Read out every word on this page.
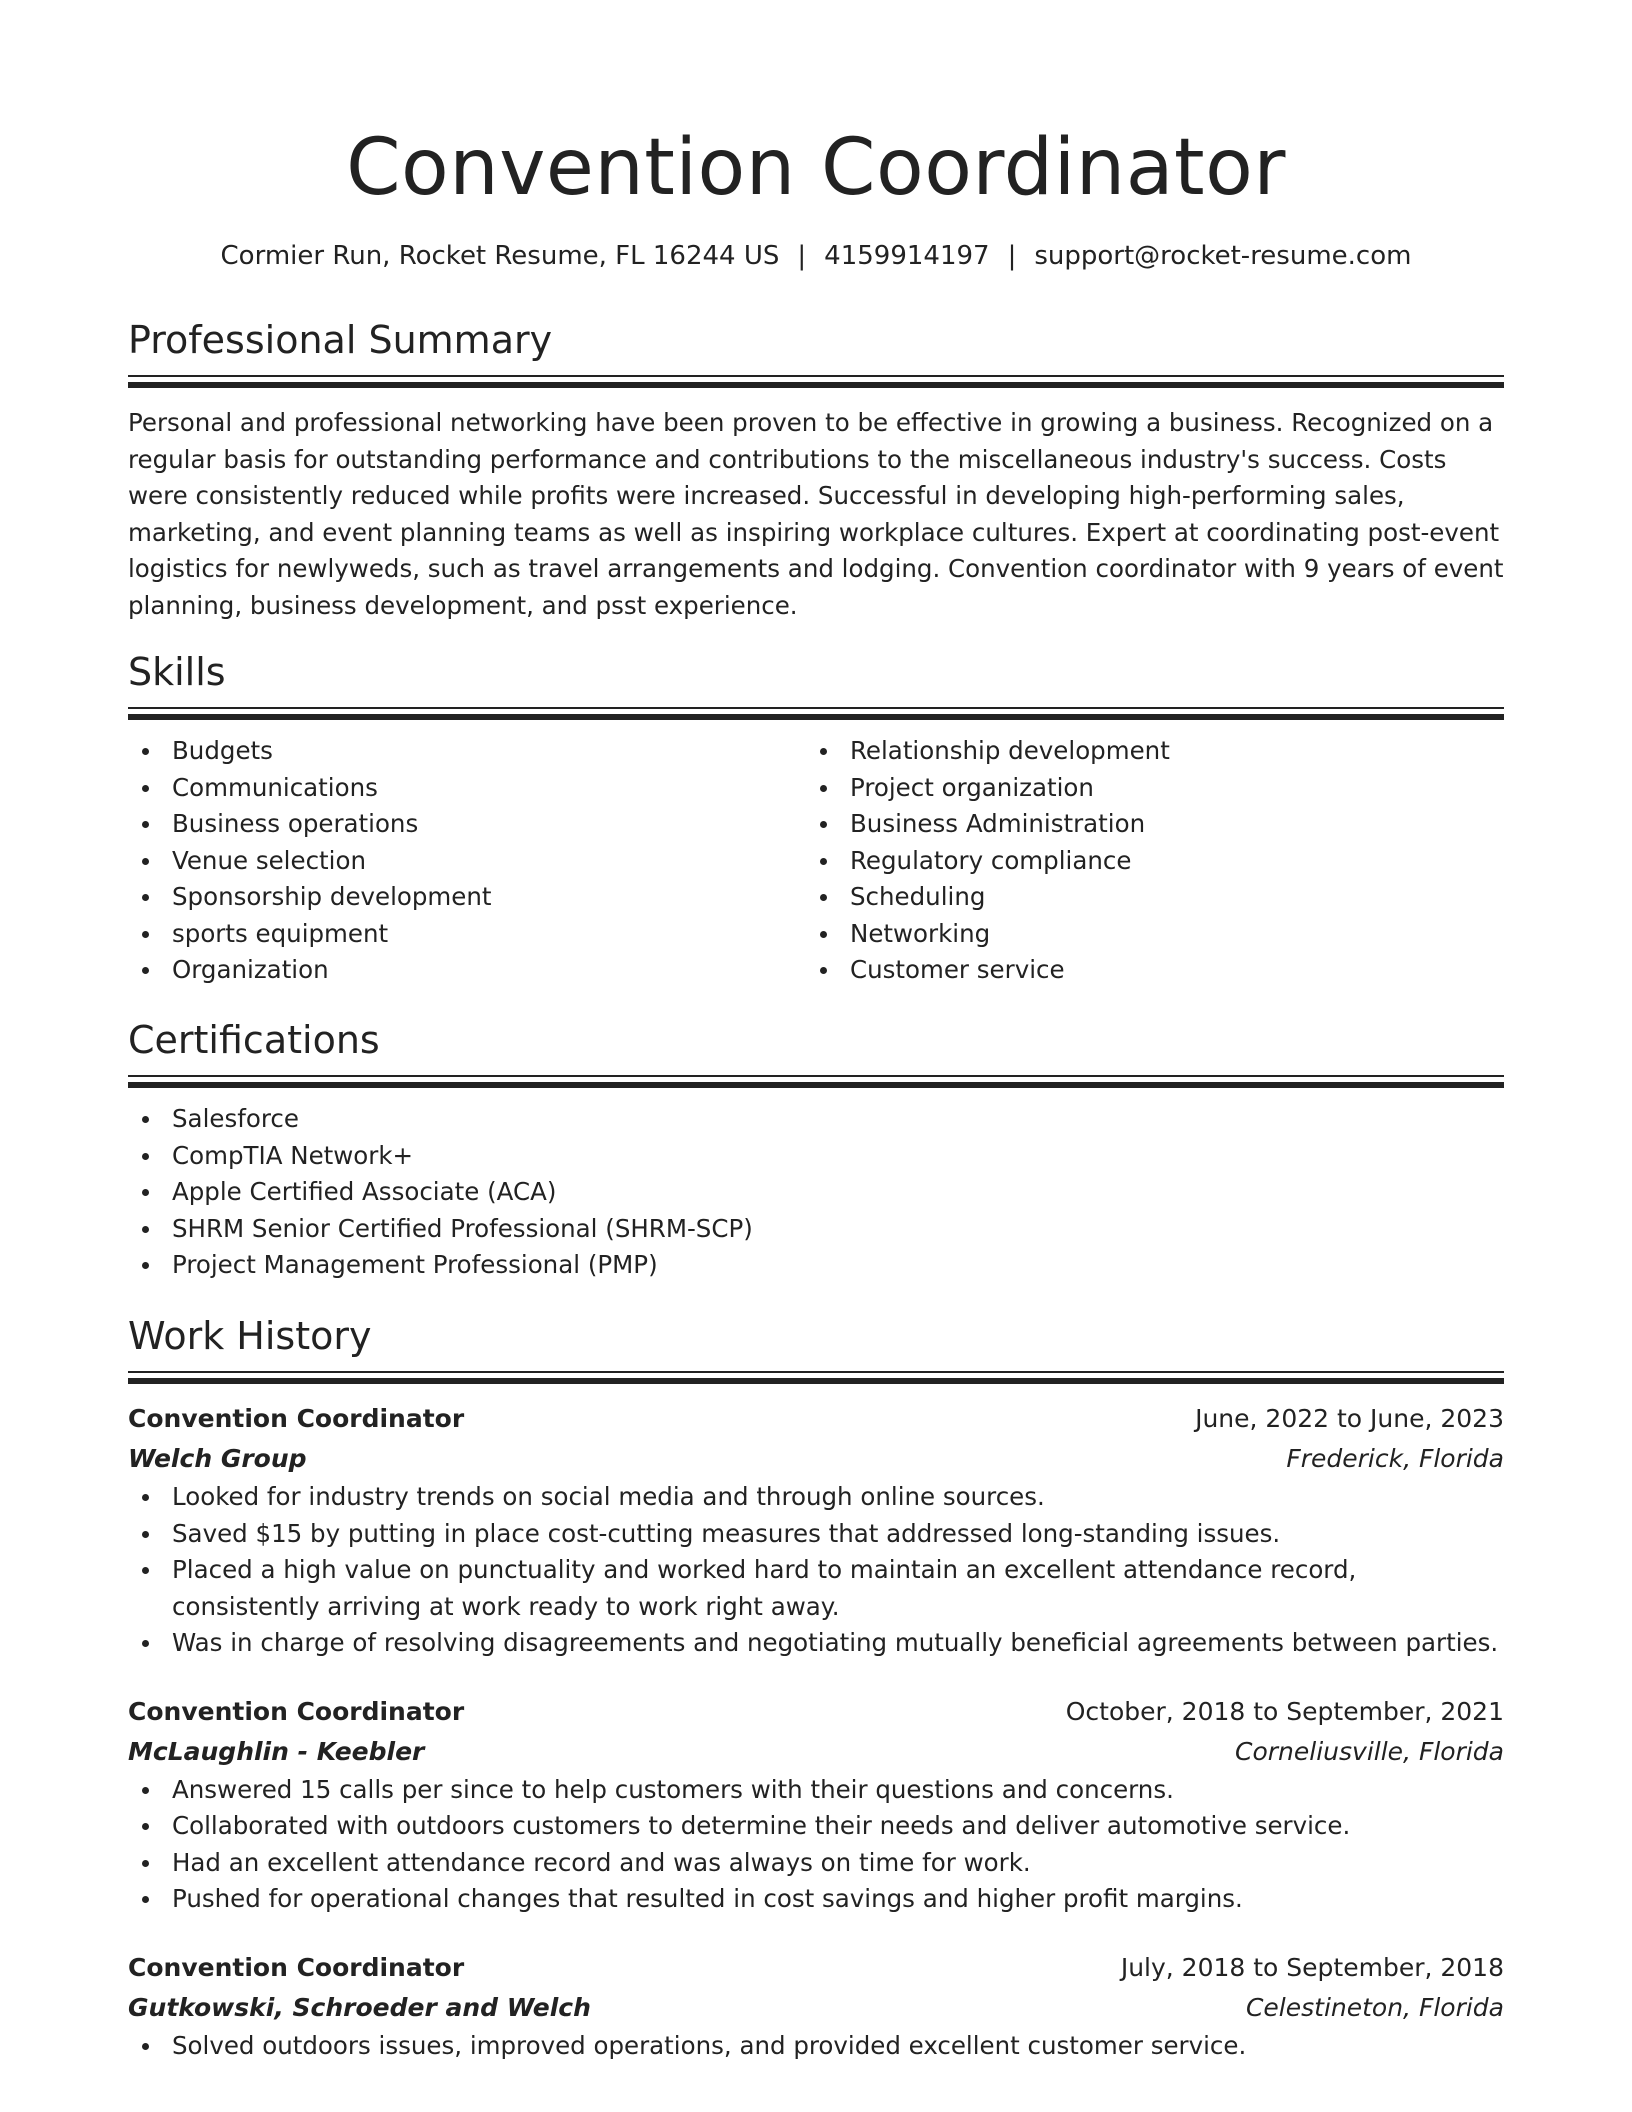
Convention Coordinator
Cormier Run, Rocket Resume, FL 16244 US | 4159914197 | support@rocket-resume.com
Professional Summary

Personal and professional networking have been proven to be effective in growing a business. Recognized on a regular basis for outstanding performance and contributions to the miscellaneous industry's success. Costs were consistently reduced while profits were increased. Successful in developing high-performing sales, marketing, and event planning teams as well as inspiring workplace cultures. Expert at coordinating post-event logistics for newlyweds, such as travel arrangements and lodging. Convention coordinator with 9 years of event planning, business development, and psst experience.

Skills
Budgets
Communications
Business operations
Venue selection
Sponsorship development
sports equipment
Organization
Relationship development
Project organization
Business Administration
Regulatory compliance
Scheduling
Networking
Customer service
Certifications
Salesforce
CompTIA Network+
Apple Certified Associate (ACA)
SHRM Senior Certified Professional (SHRM-SCP)
Project Management Professional (PMP)
Work History
Convention Coordinator	June, 2022 to June, 2023
Welch Group	Frederick, Florida
Looked for industry trends on social media and through online sources.
Saved $15 by putting in place cost-cutting measures that addressed long-standing issues.
Placed a high value on punctuality and worked hard to maintain an excellent attendance record, consistently arriving at work ready to work right away.
Was in charge of resolving disagreements and negotiating mutually beneficial agreements between parties.
Convention Coordinator	October, 2018 to September, 2021
McLaughlin - Keebler	Corneliusville, Florida
Answered 15 calls per since to help customers with their questions and concerns.
Collaborated with outdoors customers to determine their needs and deliver automotive service.
Had an excellent attendance record and was always on time for work.
Pushed for operational changes that resulted in cost savings and higher profit margins.
Convention Coordinator	July, 2018 to September, 2018
Gutkowski, Schroeder and Welch	Celestineton, Florida
Solved outdoors issues, improved operations, and provided excellent customer service.
